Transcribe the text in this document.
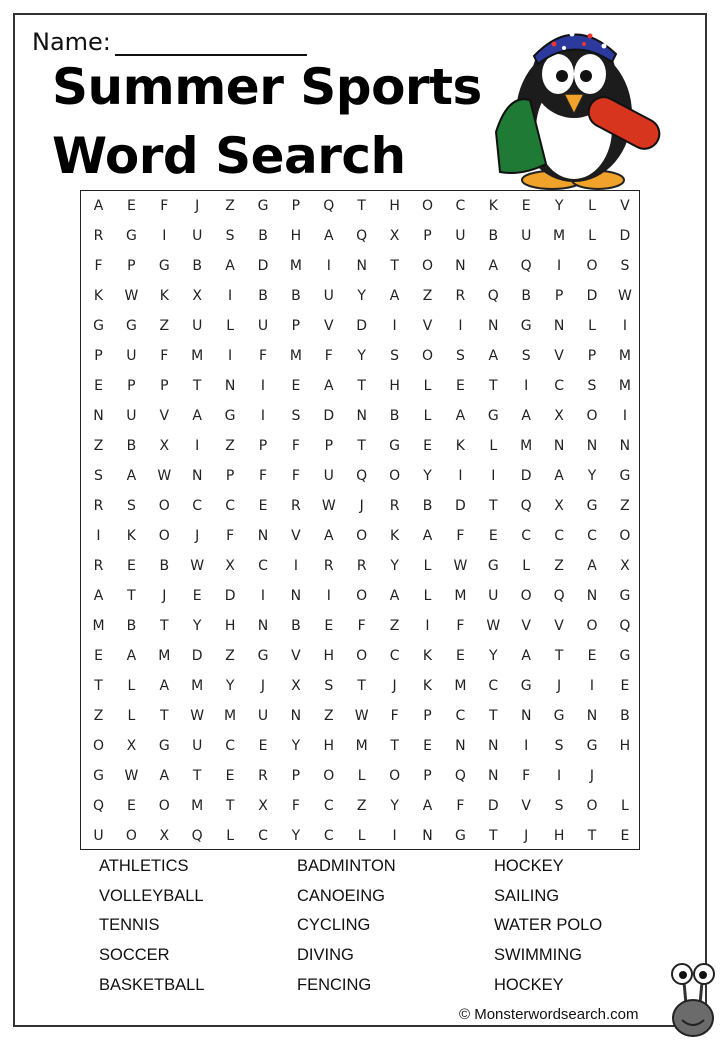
Name:
Summer Sports
Word Search
A	E	F	J	Z	G	P	Q	T	H	O	C	K	E	Y	L	V
R	G	I	U	S	B	H	A	Q	X	P	U	B	U	M	L	D
F	P	G	B	A	D	M	I	N	T	O	N	A	Q	I	O	S
K	W	K	X	I	B	B	U	Y	A	Z	R	Q	B	P	D	W
G	G	Z	U	L	U	P	V	D	I	V	I	N	G	N	L	I
P	U	F	M	I	F	M	F	Y	S	O	S	A	S	V	P	M
E	P	P	T	N	I	E	A	T	H	L	E	T	I	C	S	M
N	U	V	A	G	I	S	D	N	B	L	A	G	A	X	O	I
Z	B	X	I	Z	P	F	P	T	G	E	K	L	M	N	N	N
S	A	W	N	P	F	F	U	Q	O	Y	I	I	D	A	Y	G
R	S	O	C	C	E	R	W	J	R	B	D	T	Q	X	G	Z
I	K	O	J	F	N	V	A	O	K	A	F	E	C	C	C	O
R	E	B	W	X	C	I	R	R	Y	L	W	G	L	Z	A	X
A	T	J	E	D	I	N	I	O	A	L	M	U	O	Q	N	G
M	B	T	Y	H	N	B	E	F	Z	I	F	W	V	V	O	Q
E	A	M	D	Z	G	V	H	O	C	K	E	Y	A	T	E	G
T	L	A	M	Y	J	X	S	T	J	K	M	C	G	J	I	E
Z	L	T	W	M	U	N	Z	W	F	P	C	T	N	G	N	B
O	X	G	U	C	E	Y	H	M	T	E	N	N	I	S	G	H
G	W	A	T	E	R	P	O	L	O	P	Q	N	F	I	J
Q	E	O	M	T	X	F	C	Z	Y	A	F	D	V	S	O	L
U	O	X	Q	L	C	Y	C	L	I	N	G	T	J	H	T	E
ATHLETICS
VOLLEYBALL
TENNIS
SOCCER
BASKETBALL
BADMINTON
CANOEING
CYCLING
DIVING
FENCING
HOCKEY
SAILING
WATER POLO
SWIMMING
HOCKEY
© Monsterwordsearch.com
